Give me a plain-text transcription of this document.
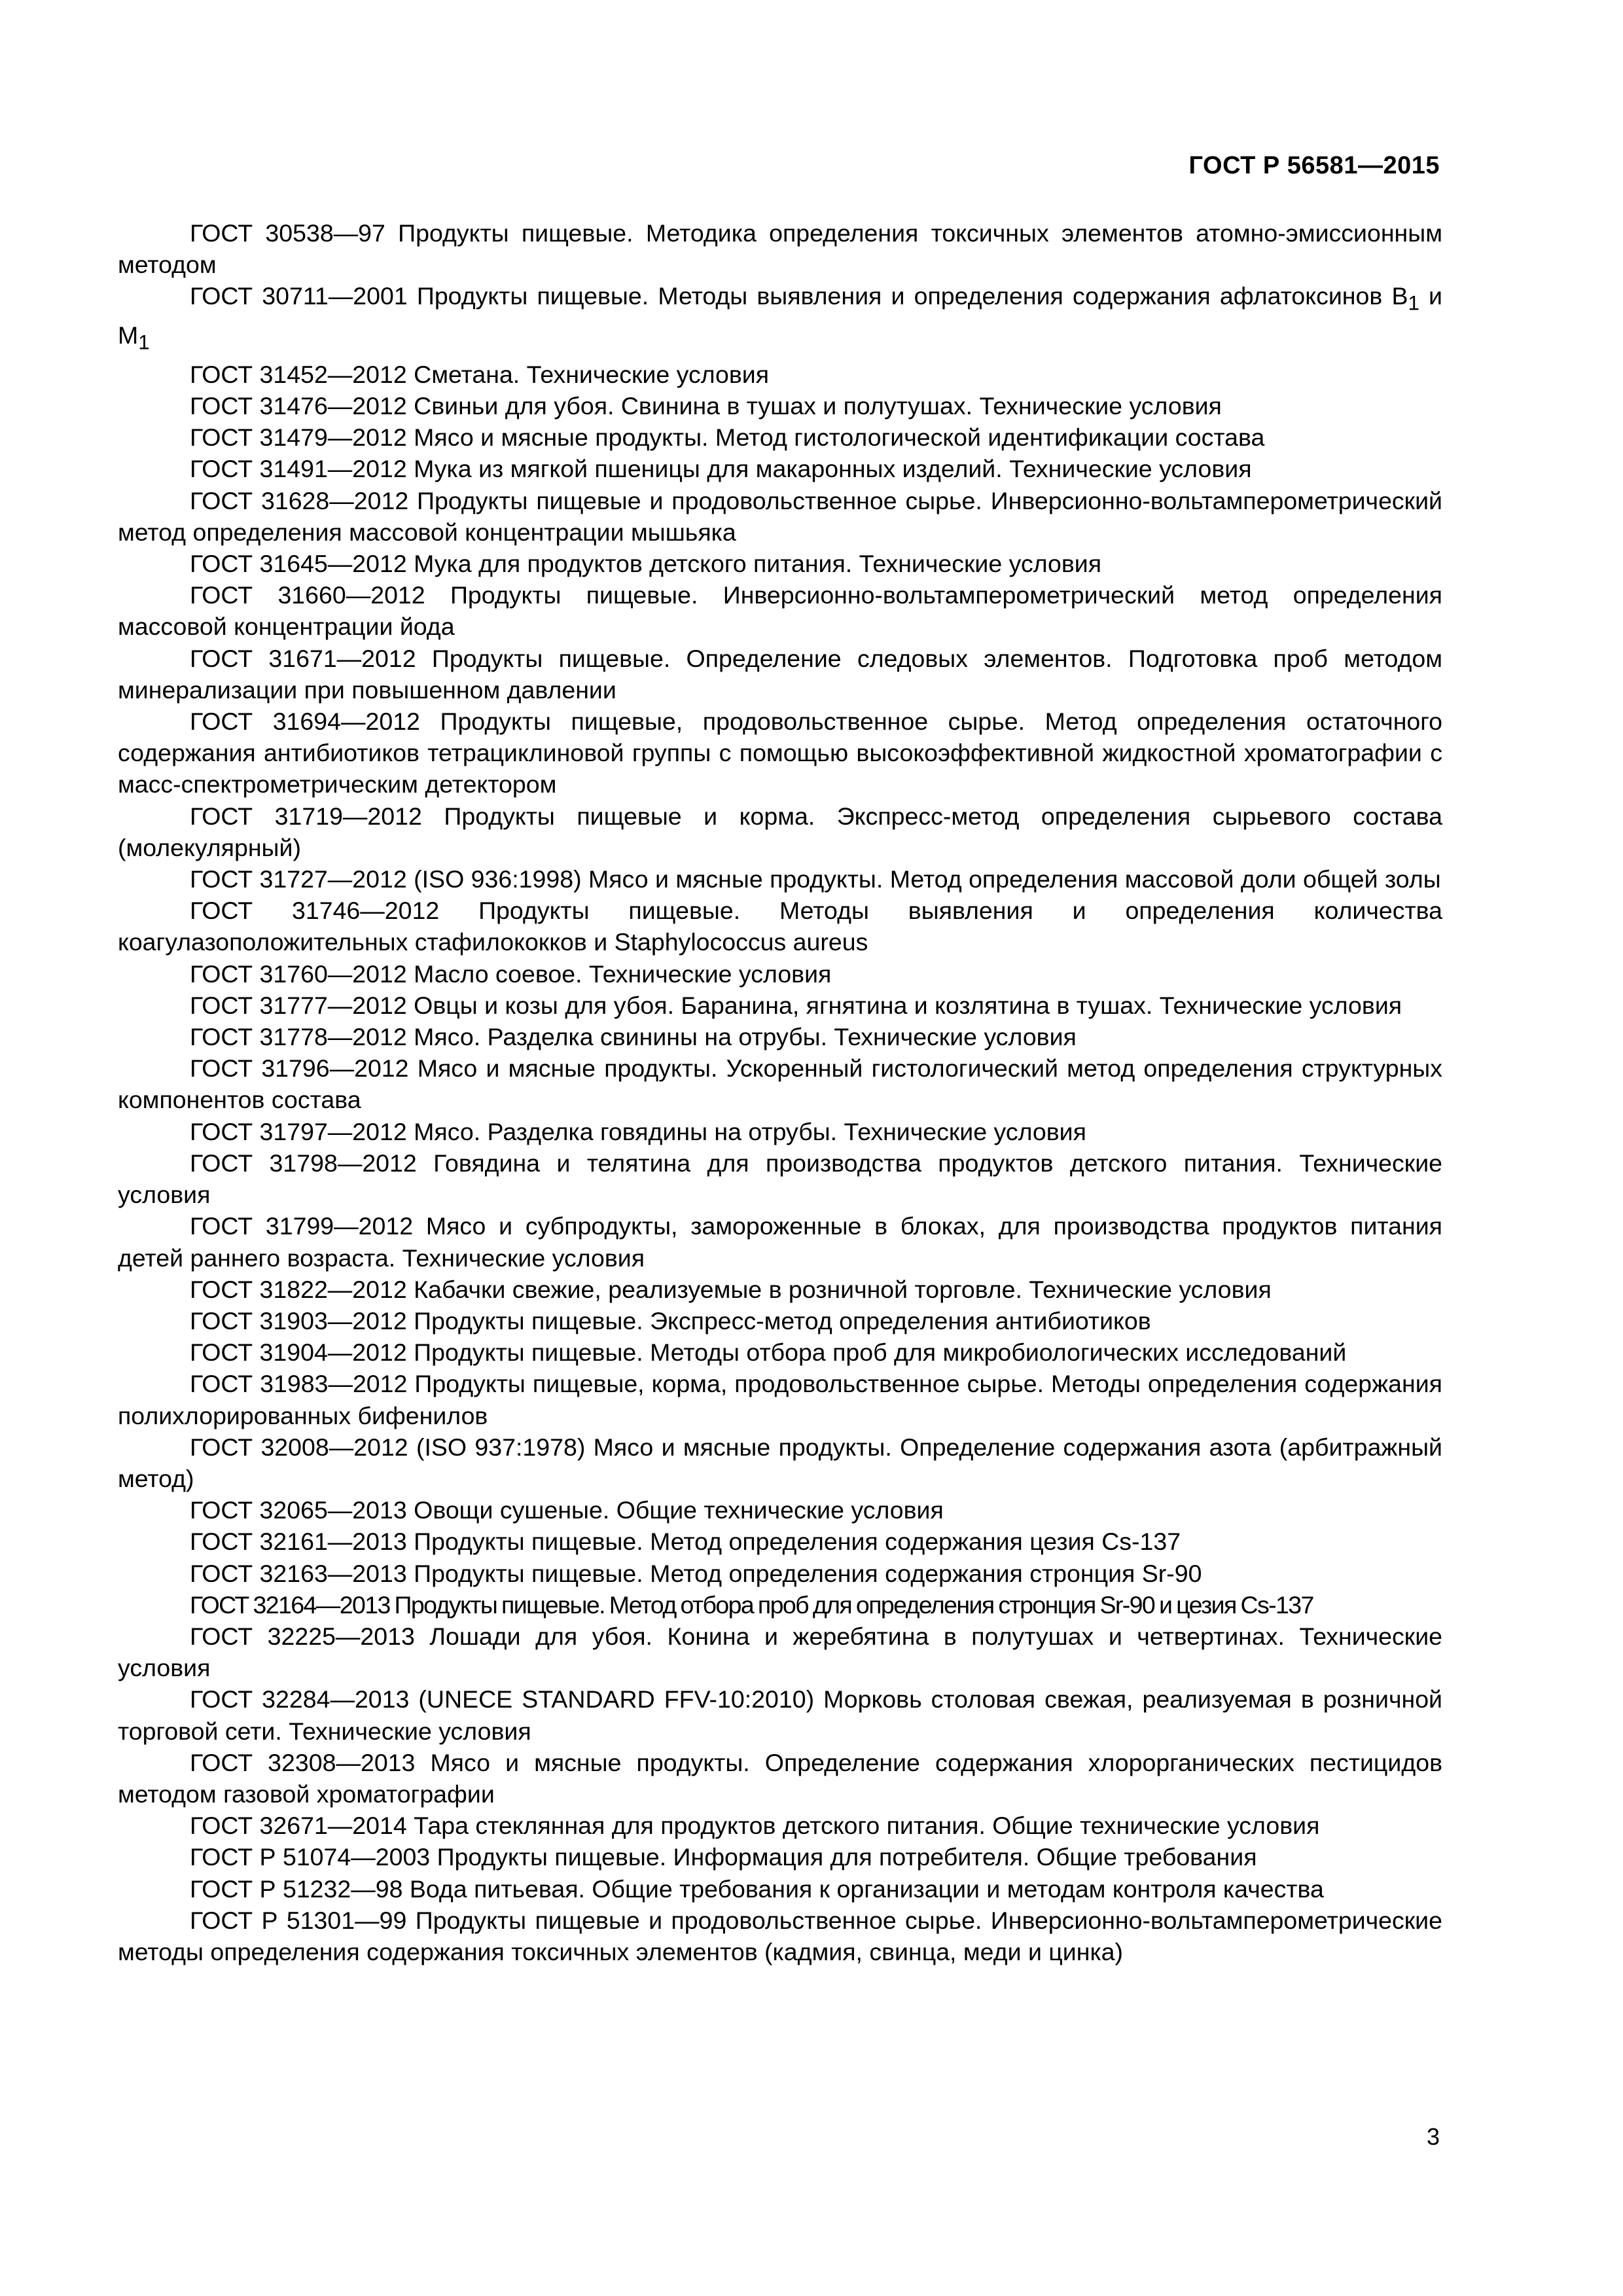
ГОСТ Р 56581—2015

ГОСТ 30538—97 Продукты пищевые. Методика определения токсичных элементов атомно-эмиссионным методом

ГОСТ 30711—2001 Продукты пищевые. Методы выявления и определения содержания афлатоксинов $B_1$ и $M_1$

ГОСТ 31452—2012 Сметана. Технические условия

ГОСТ 31476—2012 Свиньи для убоя. Свинина в тушах и полутушах. Технические условия

ГОСТ 31479—2012 Мясо и мясные продукты. Метод гистологической идентификации состава

ГОСТ 31491—2012 Мука из мягкой пшеницы для макаронных изделий. Технические условия

ГОСТ 31628—2012 Продукты пищевые и продовольственное сырье. Инверсионно-вольтамперометрический метод определения массовой концентрации мышьяка

ГОСТ 31645—2012 Мука для продуктов детского питания. Технические условия

ГОСТ 31660—2012 Продукты пищевые. Инверсионно-вольтамперометрический метод определения массовой концентрации йода

ГОСТ 31671—2012 Продукты пищевые. Определение следовых элементов. Подготовка проб методом минерализации при повышенном давлении

ГОСТ 31694—2012 Продукты пищевые, продовольственное сырье. Метод определения остаточного содержания антибиотиков тетрациклиновой группы с помощью высокоэффективной жидкостной хроматографии с масс-спектрометрическим детектором

ГОСТ 31719—2012 Продукты пищевые и корма. Экспресс-метод определения сырьевого состава (молекулярный)

ГОСТ 31727—2012 (ISO 936:1998) Мясо и мясные продукты. Метод определения массовой доли общей золы

ГОСТ 31746—2012 Продукты пищевые. Методы выявления и определения количества коагулазоположительных стафилококков и Staphylococcus aureus

ГОСТ 31760—2012 Масло соевое. Технические условия

ГОСТ 31777—2012 Овцы и козы для убоя. Баранина, ягнятина и козлятина в тушах. Технические условия

ГОСТ 31778—2012 Мясо. Разделка свинины на отрубы. Технические условия

ГОСТ 31796—2012 Мясо и мясные продукты. Ускоренный гистологический метод определения структурных компонентов состава

ГОСТ 31797—2012 Мясо. Разделка говядины на отрубы. Технические условия

ГОСТ 31798—2012 Говядина и телятина для производства продуктов детского питания. Технические условия

ГОСТ 31799—2012 Мясо и субпродукты, замороженные в блоках, для производства продуктов питания детей раннего возраста. Технические условия

ГОСТ 31822—2012 Кабачки свежие, реализуемые в розничной торговле. Технические условия

ГОСТ 31903—2012 Продукты пищевые. Экспресс-метод определения антибиотиков

ГОСТ 31904—2012 Продукты пищевые. Методы отбора проб для микробиологических исследований

ГОСТ 31983—2012 Продукты пищевые, корма, продовольственное сырье. Методы определения содержания полихлорированных бифенилов

ГОСТ 32008—2012 (ISO 937:1978) Мясо и мясные продукты. Определение содержания азота (арбитражный метод)

ГОСТ 32065—2013 Овощи сушеные. Общие технические условия

ГОСТ 32161—2013 Продукты пищевые. Метод определения содержания цезия Cs-137

ГОСТ 32163—2013 Продукты пищевые. Метод определения содержания стронция Sr-90

ГОСТ 32164—2013 Продукты пищевые. Метод отбора проб для определения стронция Sr-90 и цезия Cs-137

ГОСТ 32225—2013 Лошади для убоя. Конина и жеребятина в полутушах и четвертинах. Технические условия

ГОСТ 32284—2013 (UNECE STANDARD FFV-10:2010) Морковь столовая свежая, реализуемая в розничной торговой сети. Технические условия

ГОСТ 32308—2013 Мясо и мясные продукты. Определение содержания хлорорганических пестицидов методом газовой хроматографии

ГОСТ 32671—2014 Тара стеклянная для продуктов детского питания. Общие технические условия

ГОСТ Р 51074—2003 Продукты пищевые. Информация для потребителя. Общие требования

ГОСТ Р 51232—98 Вода питьевая. Общие требования к организации и методам контроля качества

ГОСТ Р 51301—99 Продукты пищевые и продовольственное сырье. Инверсионно-вольтамперометрические методы определения содержания токсичных элементов (кадмия, свинца, меди и цинка)

3
